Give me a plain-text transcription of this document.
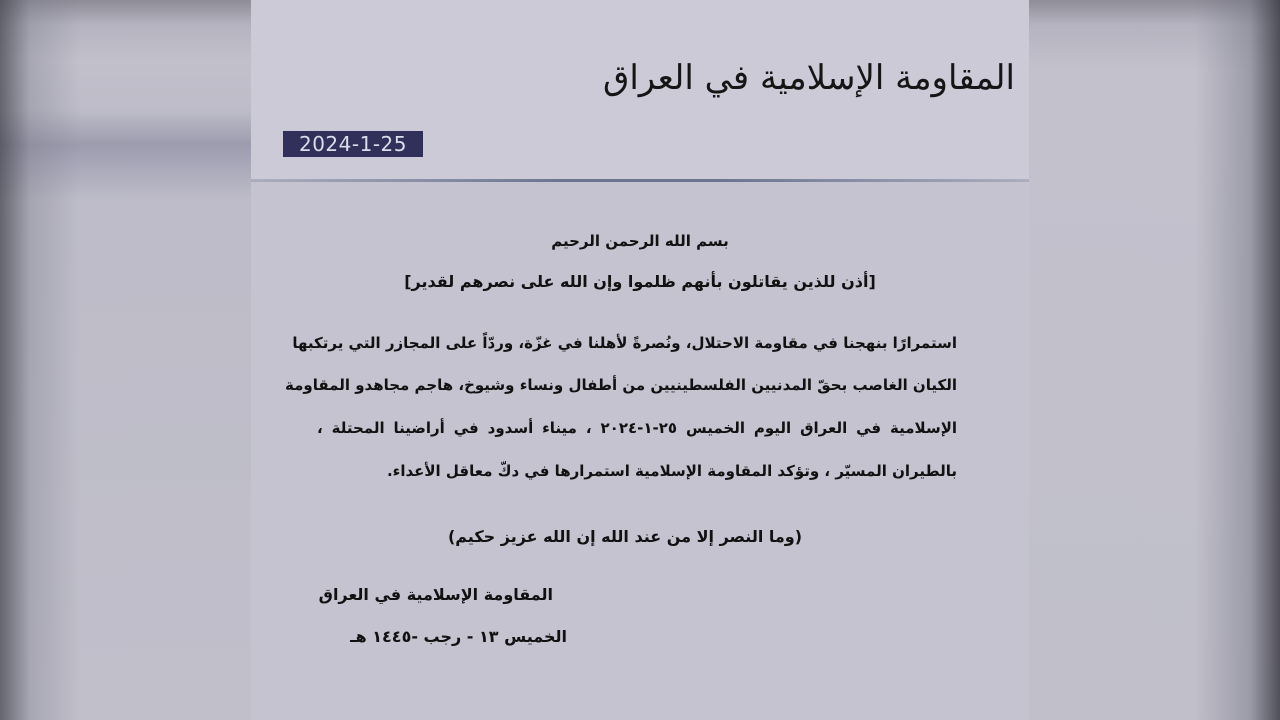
المقاومة الإسلامية في العراق
2024-1-25
بسم الله الرحمن الرحيم
[أذن للذين يقاتلون بأنهم ظلموا وإن الله على نصرهم لقدير]
استمرارًا بنهجنا في مقاومة الاحتلال، ونُصرةً لأهلنا في غزّة، وردّاً على المجازر التي يرتكبها
الكيان الغاصب بحقّ المدنيين الفلسطينيين من أطفال ونساء وشيوخ، هاجم مجاهدو المقاومة
الإسلامية في العراق اليوم الخميس ٢٥-١-٢٠٢٤ ، ميناء أسدود في أراضينا المحتلة ،
بالطيران المسيّر ، وتؤكد المقاومة الإسلامية استمرارها في دكّ معاقل الأعداء.
(وما النصر إلا من عند الله إن الله عزيز حكيم)
المقاومة الإسلامية في العراق
الخميس ١٣ - رجب -١٤٤٥ هـ
